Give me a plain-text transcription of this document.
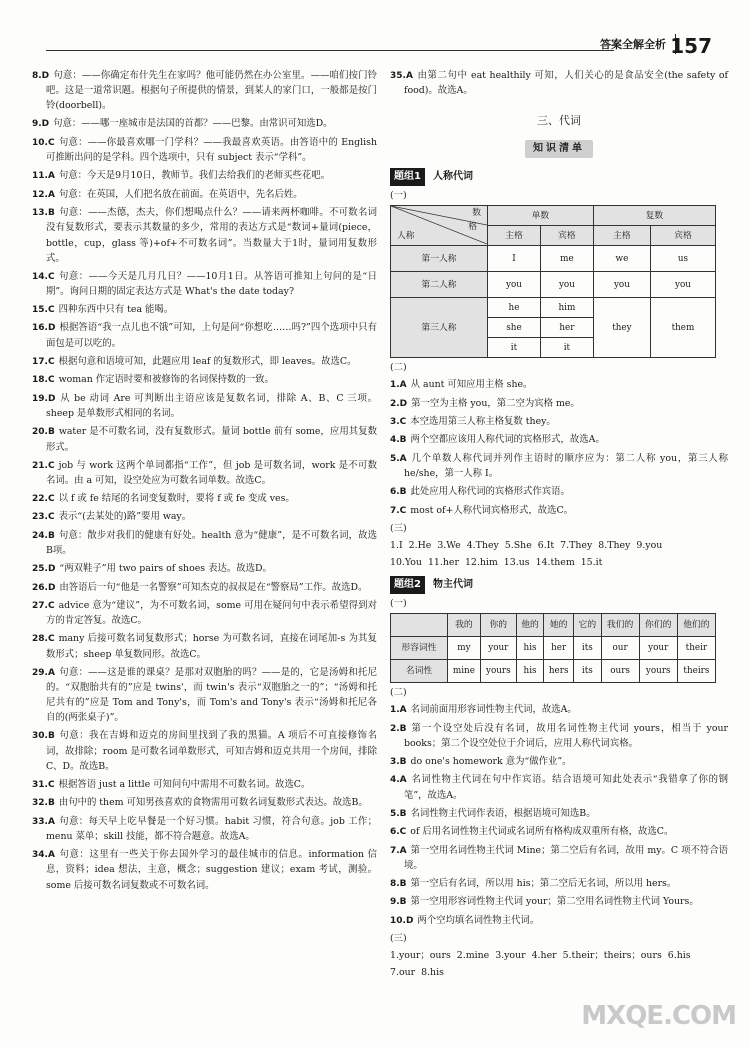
答案全解全析 157
8.D 句意：——你确定布什先生在家吗？他可能仍然在办公室里。——咱们按门铃吧。这是一道常识题。根据句子所提供的情景，到某人的家门口，一般都是按门铃(doorbell)。
9.D 句意：——哪一座城市是法国的首都？——巴黎。由常识可知选D。
10.C 句意：——你最喜欢哪一门学科？——我最喜欢英语。由答语中的 English 可推断出问的是学科。四个选项中，只有 subject 表示“学科”。
11.A 句意：今天是9月10日，教师节。我们去给我们的老师买些花吧。
12.A 句意：在英国，人们把名放在前面。在英语中，先名后姓。
13.B 句意：——杰德，杰夫，你们想喝点什么？——请来两杯咖啡。不可数名词没有复数形式，要表示其数量的多少，常用的表达方式是“数词+量词(piece，bottle，cup，glass 等)+of+不可数名词”。当数量大于1时，量词用复数形式。
14.C 句意：——今天是几月几日？——10月1日。从答语可推知上句问的是“日期”。询问日期的固定表达方式是 What's the date today?
15.C 四种东西中只有 tea 能喝。
16.D 根据答语“我一点儿也不饿”可知，上句是问“你想吃……吗?”四个选项中只有面包是可以吃的。
17.C 根据句意和语境可知，此题应用 leaf 的复数形式，即 leaves。故选C。
18.C woman 作定语时要和被修饰的名词保持数的一致。
19.D 从 be 动词 Are 可判断出主语应该是复数名词，排除 A、B、C 三项。sheep 是单数形式相同的名词。
20.B water 是不可数名词，没有复数形式。量词 bottle 前有 some，应用其复数形式。
21.C job 与 work 这两个单词都指“工作”，但 job 是可数名词，work 是不可数名词。由 a 可知，设空处应为可数名词单数。故选C。
22.C 以 f 或 fe 结尾的名词变复数时，要将 f 或 fe 变成 ves。
23.C 表示“(去某处的)路”要用 way。
24.B 句意：散步对我们的健康有好处。health 意为“健康”，是不可数名词，故选B项。
25.D “两双鞋子”用 two pairs of shoes 表达。故选D。
26.D 由答语后一句“他是一名警察”可知杰克的叔叔是在“警察局”工作。故选D。
27.C advice 意为“建议”，为不可数名词，some 可用在疑问句中表示希望得到对方的肯定答复。故选C。
28.C many 后接可数名词复数形式；horse 为可数名词，直接在词尾加-s 为其复数形式；sheep 单复数同形。故选C。
29.A 句意：——这是谁的课桌？是那对双胞胎的吗？——是的，它是汤姆和托尼的。“双胞胎共有的”应是 twins'，而 twin's 表示“双胞胎之一的”；“汤姆和托尼共有的”应是 Tom and Tony's，而 Tom's and Tony's 表示“汤姆和托尼各自的(两张桌子)”。
30.B 句意：我在吉姆和迈克的房间里找到了我的黑猫。A 项后不可直接修饰名词，故排除；room 是可数名词单数形式，可知吉姆和迈克共用一个房间，排除 C、D。故选B。
31.C 根据答语 just a little 可知问句中需用不可数名词。故选C。
32.B 由句中的 them 可知男孩喜欢的食物需用可数名词复数形式表达。故选B。
33.A 句意：每天早上吃早餐是一个好习惯。habit 习惯，符合句意。job 工作；menu 菜单；skill 技能，都不符合题意。故选A。
34.A 句意：这里有一些关于你去国外学习的最佳城市的信息。information 信息，资料；idea 想法，主意，概念；suggestion 建议；exam 考试，测验。some 后接可数名词复数或不可数名词。
35.A 由第二句中 eat healthily 可知，人们关心的是食品安全(the safety of food)。故选A。
三、代词
知识清单
题组1	人称代词
(一)
数
格
人称	单数		复数	
	主格	宾格	主格	宾格
第一人称	I	me	we	us
第二人称	you	you	you	you
第三人称	he	him	they	them
	she	her		
	it	it		
(二)
1.A 从 aunt 可知应用主格 she。
2.D 第一空为主格 you，第二空为宾格 me。
3.C 本空选用第三人称主格复数 they。
4.B 两个空都应该用人称代词的宾格形式，故选A。
5.A 几个单数人称代词并列作主语时的顺序应为：第二人称 you，第三人称 he/she，第一人称 I。
6.B 此处应用人称代词的宾格形式作宾语。
7.C most of+人称代词宾格形式，故选C。
(三)
1.I 2.He 3.We 4.They 5.She 6.It 7.They 8.They 9.you
10.You 11.her 12.him 13.us 14.them 15.it
题组2	物主代词
(一)
	我的	你的	他的	她的	它的	我们的	你们的	他们的
形容词性	my	your	his	her	its	our	your	their
名词性	mine	yours	his	hers	its	ours	yours	theirs
(二)
1.A 名词前面用形容词性物主代词，故选A。
2.B 第一个设空处后没有名词，故用名词性物主代词 yours，相当于 your books；第二个设空处位于介词后，应用人称代词宾格。
3.B do one's homework 意为“做作业”。
4.A 名词性物主代词在句中作宾语。结合语境可知此处表示“我错拿了你的钢笔”，故选A。
5.B 名词性物主代词作表语，根据语境可知选B。
6.C of 后用名词性物主代词或名词所有格构成双重所有格，故选C。
7.A 第一空用名词性物主代词 Mine；第二空后有名词，故用 my。C 项不符合语境。
8.B 第一空后有名词，所以用 his；第二空后无名词，所以用 hers。
9.B 第一空用形容词性物主代词 your；第二空用名词性物主代词 Yours。
10.D 两个空均填名词性物主代词。
(三)
1.your；ours 2.mine 3.your 4.her 5.their；theirs；ours 6.his
7.our 8.his
MXQE.COM
